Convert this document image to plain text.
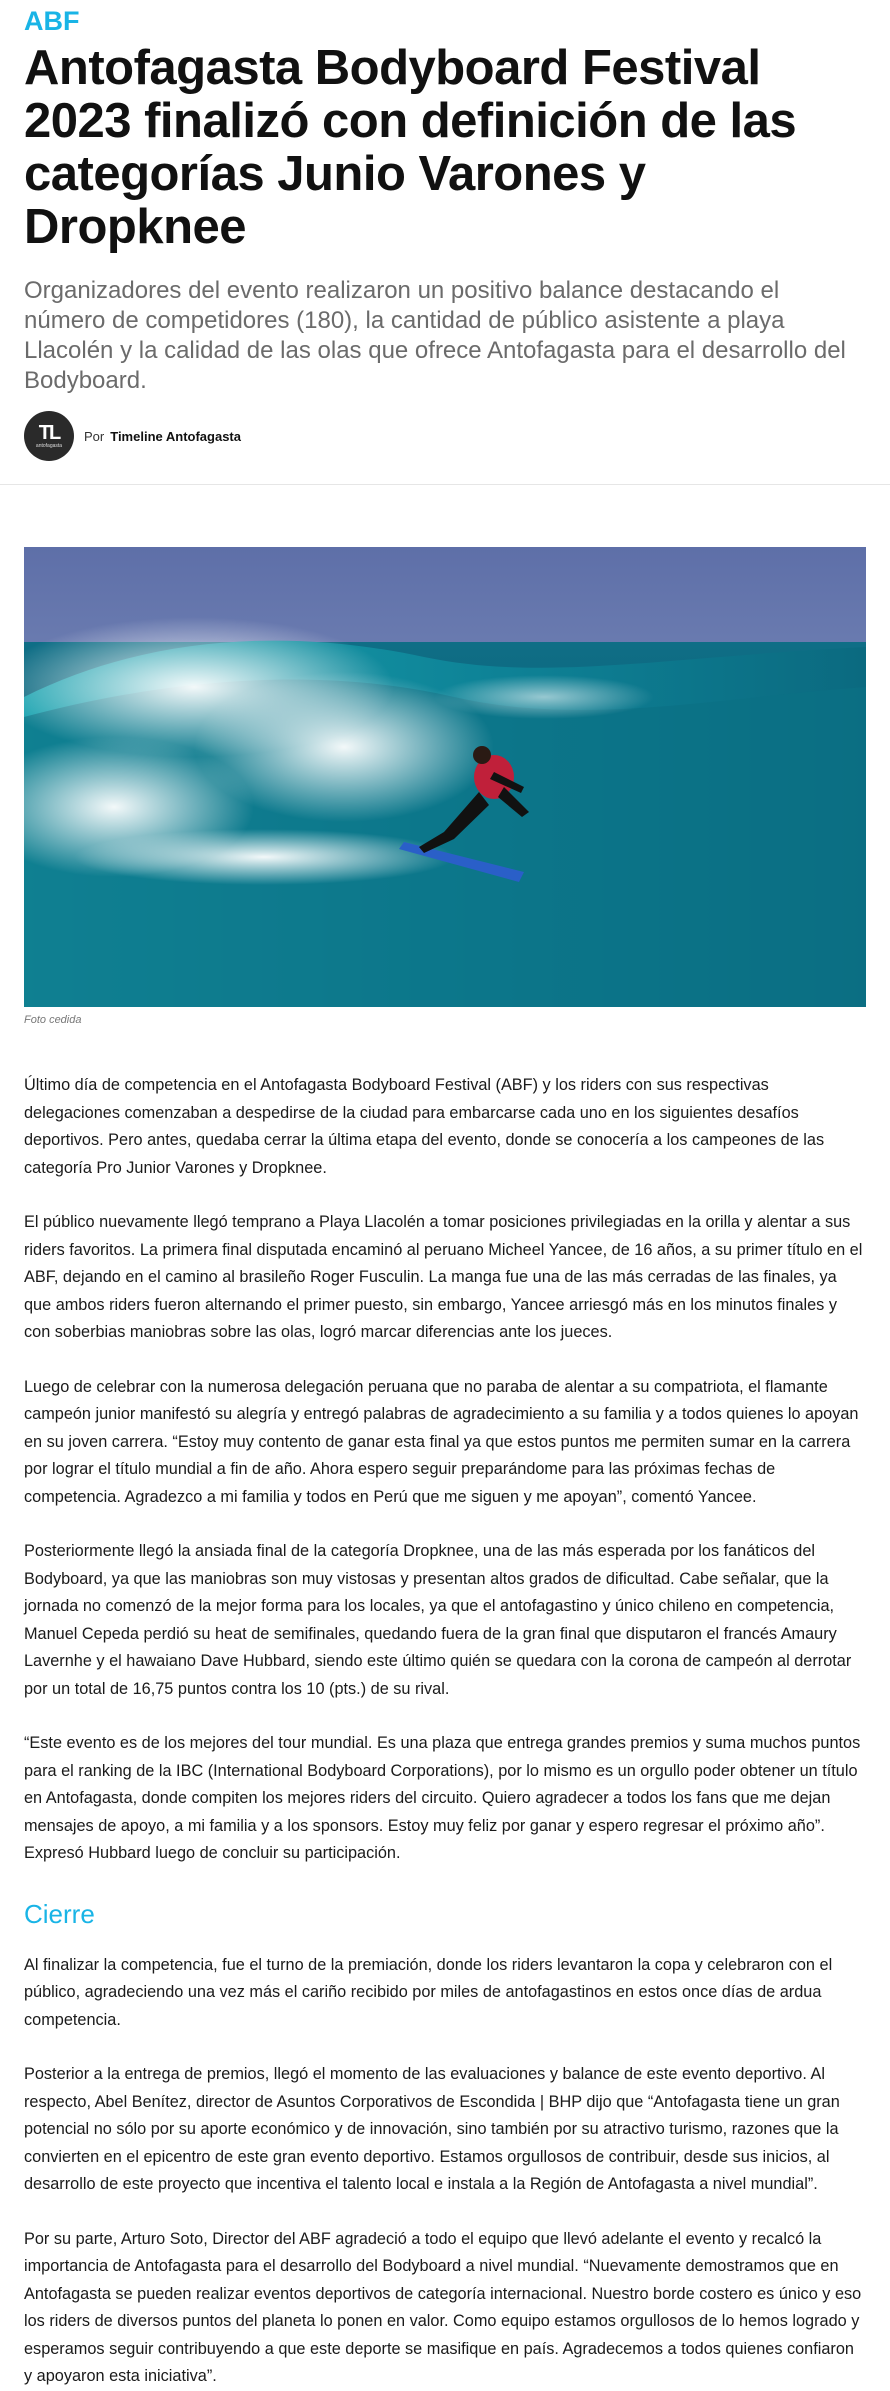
ABF
Antofagasta Bodyboard Festival 2023 finalizó con definición de las categorías Junio Varones y Dropknee

Organizadores del evento realizaron un positivo balance destacando el número de competidores (180), la cantidad de público asistente a playa Llacolén y la calidad de las olas que ofrece Antofagasta para el desarrollo del Bodyboard.

TL
antofagasta
Por Timeline Antofagasta

Foto cedida

Último día de competencia en el Antofagasta Bodyboard Festival (ABF) y los riders con sus respectivas delegaciones comenzaban a despedirse de la ciudad para embarcarse cada uno en los siguientes desafíos deportivos. Pero antes, quedaba cerrar la última etapa del evento, donde se conocería a los campeones de las categoría Pro Junior Varones y Dropknee.

El público nuevamente llegó temprano a Playa Llacolén a tomar posiciones privilegiadas en la orilla y alentar a sus riders favoritos. La primera final disputada encaminó al peruano Micheel Yancee, de 16 años, a su primer título en el ABF, dejando en el camino al brasileño Roger Fusculin. La manga fue una de las más cerradas de las finales, ya que ambos riders fueron alternando el primer puesto, sin embargo, Yancee arriesgó más en los minutos finales y con soberbias maniobras sobre las olas, logró marcar diferencias ante los jueces.

Luego de celebrar con la numerosa delegación peruana que no paraba de alentar a su compatriota, el flamante campeón junior manifestó su alegría y entregó palabras de agradecimiento a su familia y a todos quienes lo apoyan en su joven carrera. “Estoy muy contento de ganar esta final ya que estos puntos me permiten sumar en la carrera por lograr el título mundial a fin de año. Ahora espero seguir preparándome para las próximas fechas de competencia. Agradezco a mi familia y todos en Perú que me siguen y me apoyan”, comentó Yancee.

Posteriormente llegó la ansiada final de la categoría Dropknee, una de las más esperada por los fanáticos del Bodyboard, ya que las maniobras son muy vistosas y presentan altos grados de dificultad. Cabe señalar, que la jornada no comenzó de la mejor forma para los locales, ya que el antofagastino y único chileno en competencia, Manuel Cepeda perdió su heat de semifinales, quedando fuera de la gran final que disputaron el francés Amaury Lavernhe y el hawaiano Dave Hubbard, siendo este último quién se quedara con la corona de campeón al derrotar por un total de 16,75 puntos contra los 10 (pts.) de su rival.

“Este evento es de los mejores del tour mundial. Es una plaza que entrega grandes premios y suma muchos puntos para el ranking de la IBC (International Bodyboard Corporations), por lo mismo es un orgullo poder obtener un título en Antofagasta, donde compiten los mejores riders del circuito. Quiero agradecer a todos los fans que me dejan mensajes de apoyo, a mi familia y a los sponsors. Estoy muy feliz por ganar y espero regresar el próximo año”. Expresó Hubbard luego de concluir su participación.

Cierre

Al finalizar la competencia, fue el turno de la premiación, donde los riders levantaron la copa y celebraron con el público, agradeciendo una vez más el cariño recibido por miles de antofagastinos en estos once días de ardua competencia.

Posterior a la entrega de premios, llegó el momento de las evaluaciones y balance de este evento deportivo. Al respecto, Abel Benítez, director de Asuntos Corporativos de Escondida | BHP dijo que “Antofagasta tiene un gran potencial no sólo por su aporte económico y de innovación, sino también por su atractivo turismo, razones que la convierten en el epicentro de este gran evento deportivo. Estamos orgullosos de contribuir, desde sus inicios, al desarrollo de este proyecto que incentiva el talento local e instala a la Región de Antofagasta a nivel mundial”.

Por su parte, Arturo Soto, Director del ABF agradeció a todo el equipo que llevó adelante el evento y recalcó la importancia de Antofagasta para el desarrollo del Bodyboard a nivel mundial. “Nuevamente demostramos que en Antofagasta se pueden realizar eventos deportivos de categoría internacional. Nuestro borde costero es único y eso los riders de diversos puntos del planeta lo ponen en valor. Como equipo estamos orgullosos de lo hemos logrado y esperamos seguir contribuyendo a que este deporte se masifique en país. Agradecemos a todos quienes confiaron y apoyaron esta iniciativa”.
